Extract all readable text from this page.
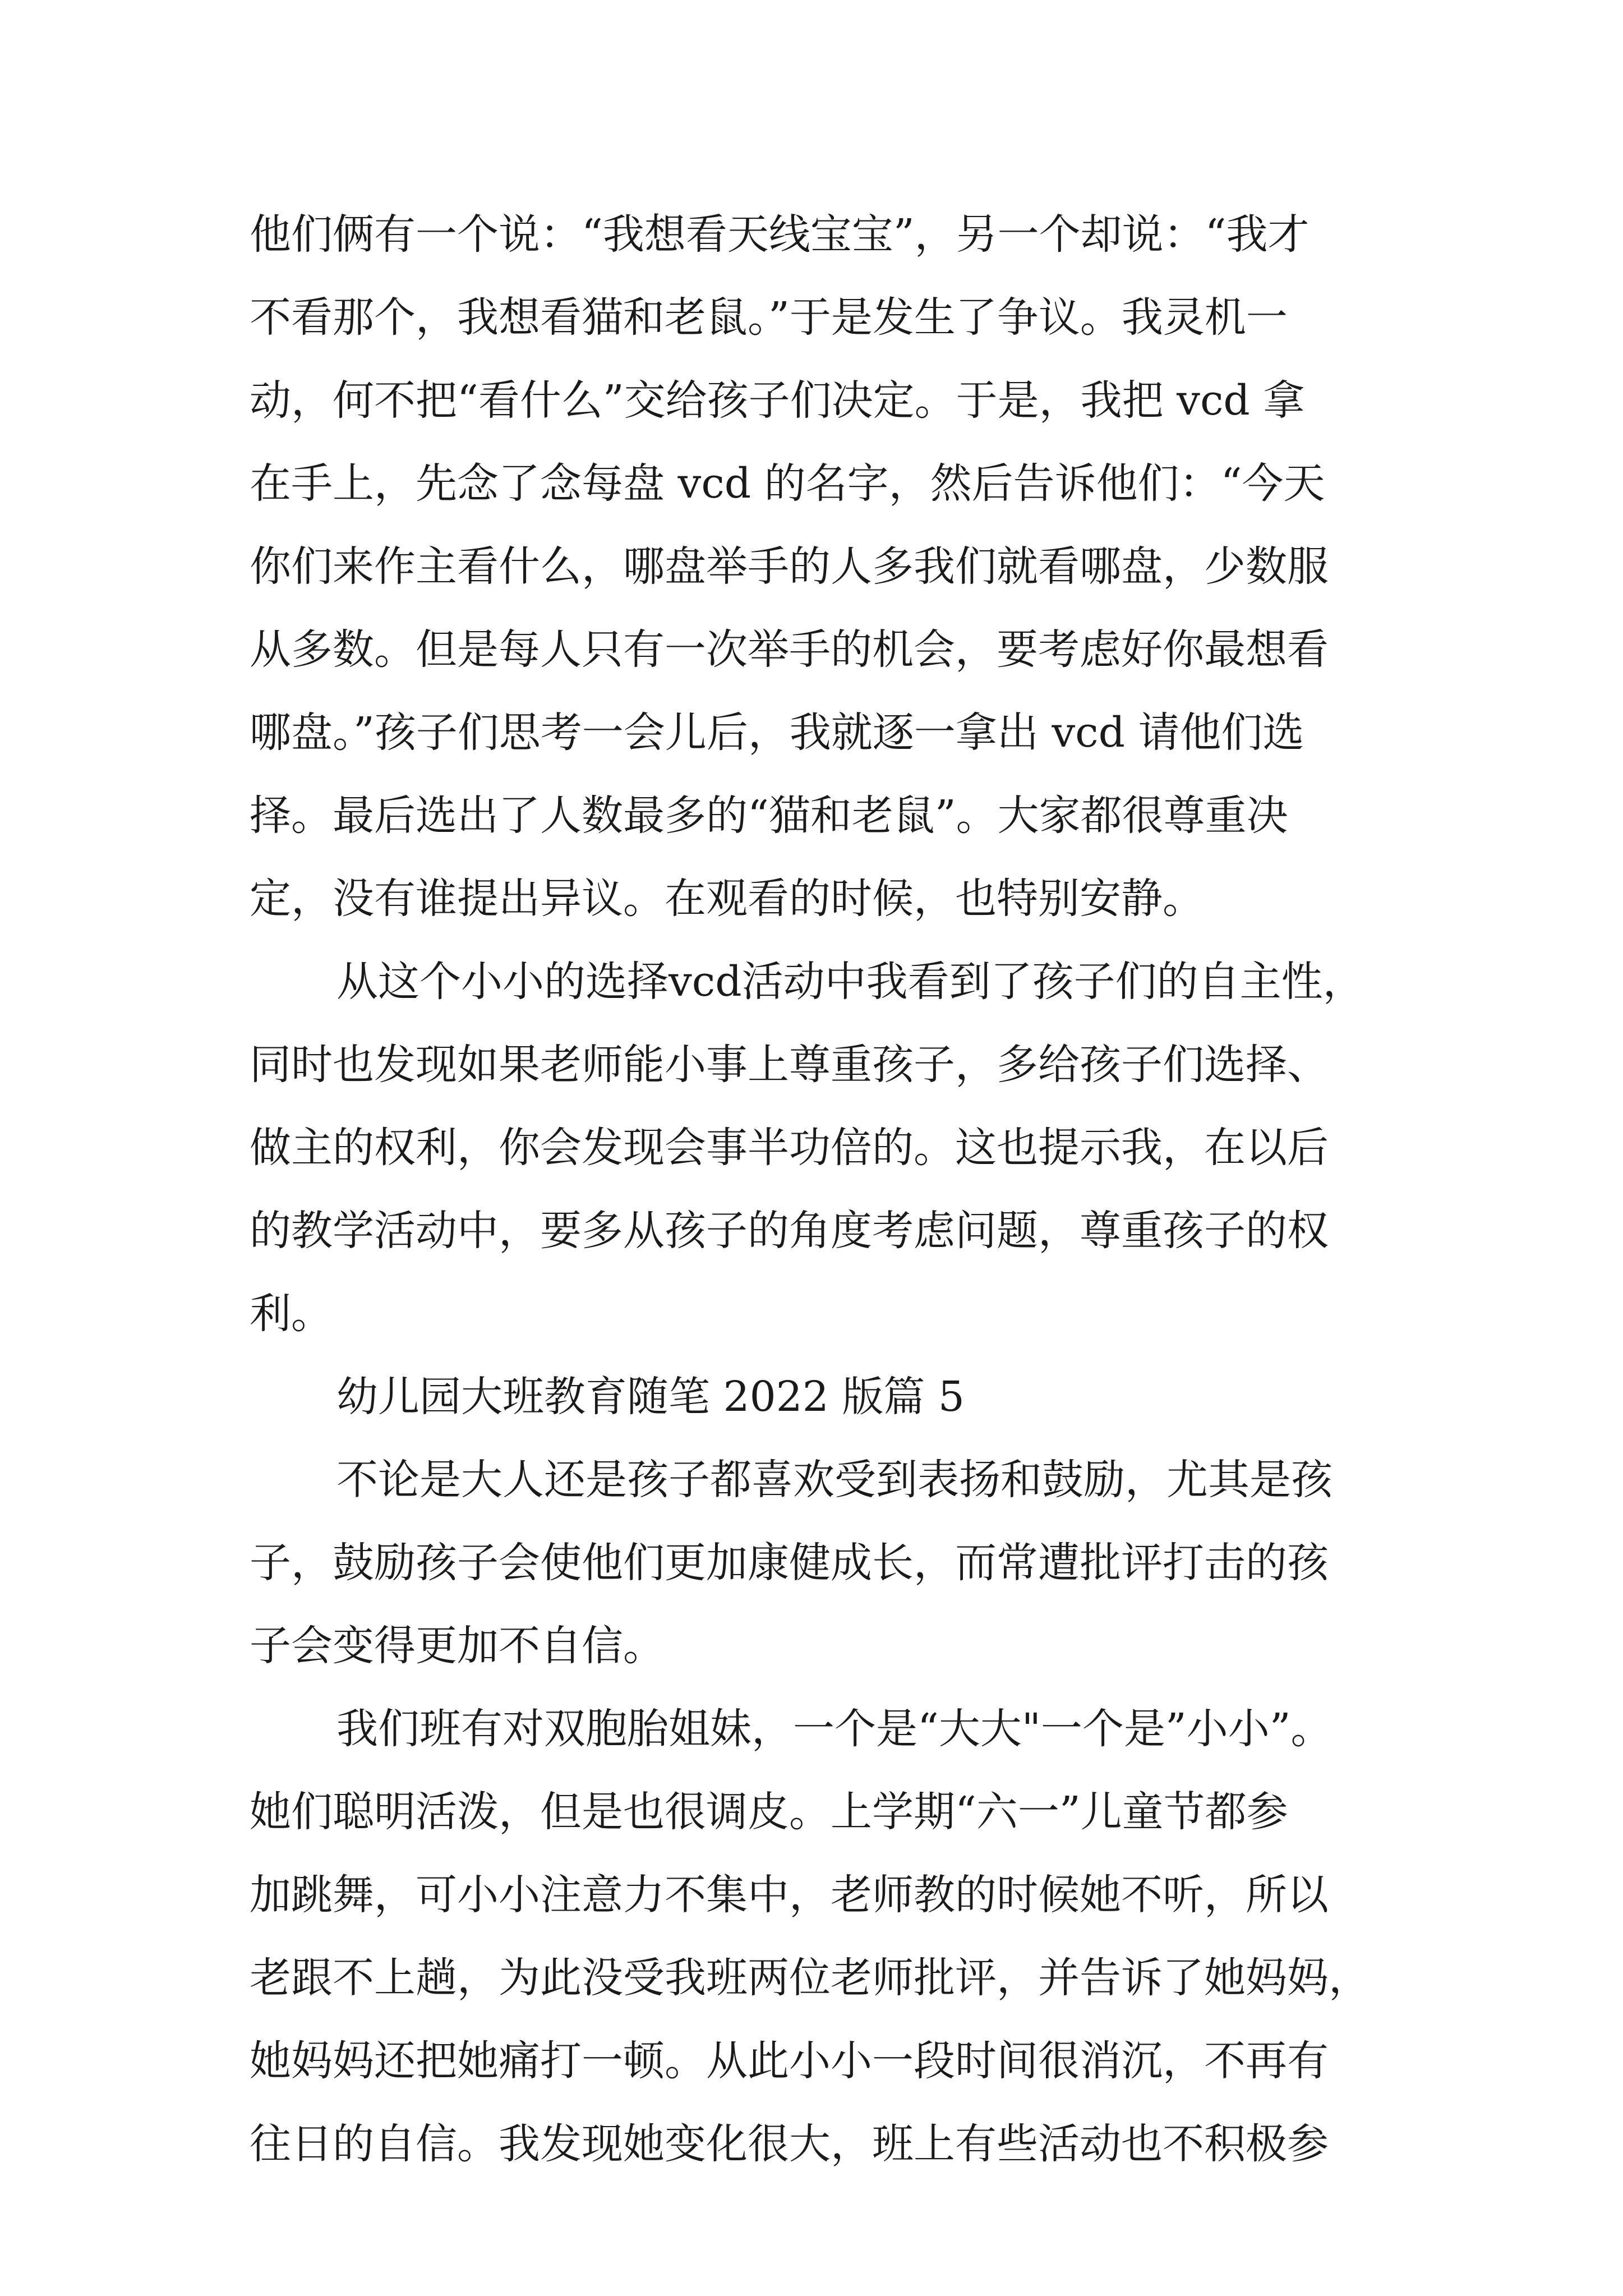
他们俩有一个说：“我想看天线宝宝”，另一个却说：“我才
不看那个，我想看猫和老鼠。”于是发生了争议。我灵机一
动，何不把“看什么”交给孩子们决定。于是，我把 vcd 拿
在手上，先念了念每盘 vcd 的名字，然后告诉他们：“今天
你们来作主看什么，哪盘举手的人多我们就看哪盘，少数服
从多数。但是每人只有一次举手的机会，要考虑好你最想看
哪盘。”孩子们思考一会儿后，我就逐一拿出 vcd 请他们选
择。最后选出了人数最多的“猫和老鼠”。大家都很尊重决
定，没有谁提出异议。在观看的时候，也特别安静。
从这个小小的选择vcd活动中我看到了孩子们的自主性，
同时也发现如果老师能小事上尊重孩子，多给孩子们选择、
做主的权利，你会发现会事半功倍的。这也提示我，在以后
的教学活动中，要多从孩子的角度考虑问题，尊重孩子的权
利。
幼儿园大班教育随笔 2022 版篇 5
不论是大人还是孩子都喜欢受到表扬和鼓励，尤其是孩
子，鼓励孩子会使他们更加康健成长，而常遭批评打击的孩
子会变得更加不自信。
我们班有对双胞胎姐妹，一个是“大大"一个是”小小”。
她们聪明活泼，但是也很调皮。上学期“六一”儿童节都参
加跳舞，可小小注意力不集中，老师教的时候她不听，所以
老跟不上趟，为此没受我班两位老师批评，并告诉了她妈妈，
她妈妈还把她痛打一顿。从此小小一段时间很消沉，不再有
往日的自信。我发现她变化很大，班上有些活动也不积极参
